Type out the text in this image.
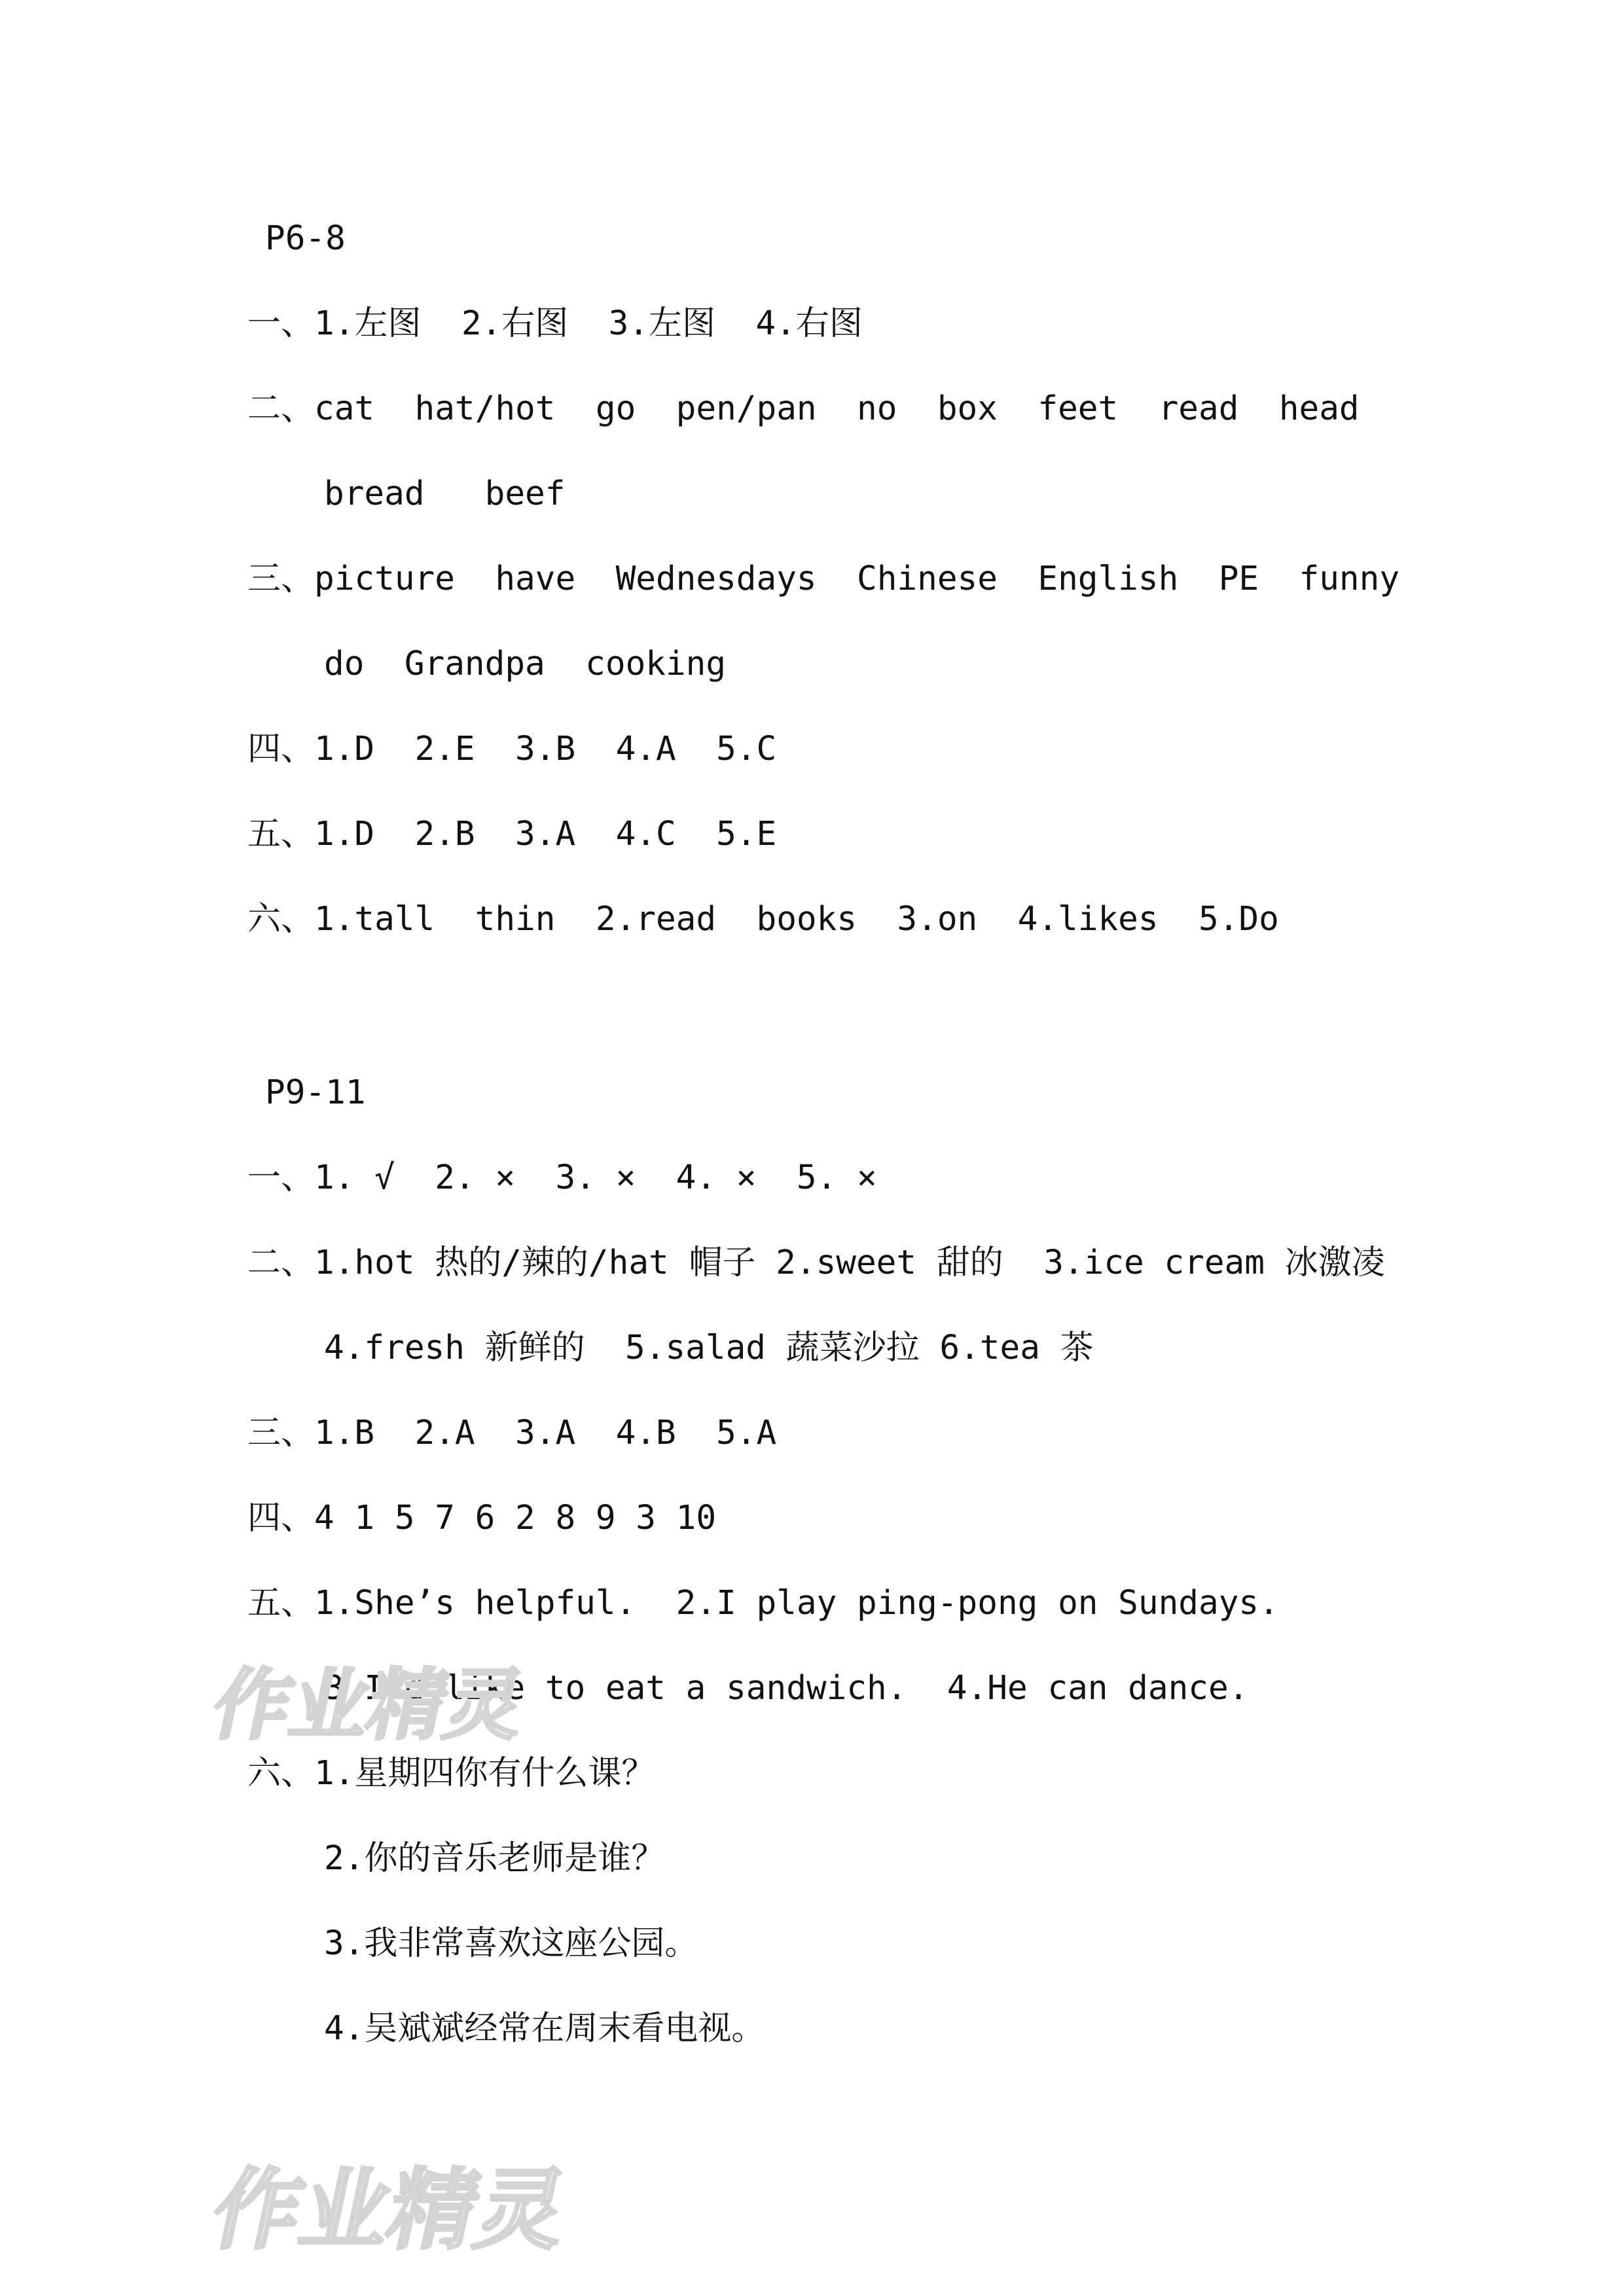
P6-8
一、1.左图  2.右图  3.左图  4.右图
二、cat  hat/hot  go  pen/pan  no  box  feet  read  head
bread   beef
三、picture  have  Wednesdays  Chinese  English  PE  funny
do  Grandpa  cooking
四、1.D  2.E  3.B  4.A  5.C
五、1.D  2.B  3.A  4.C  5.E
六、1.tall  thin  2.read  books  3.on  4.likes  5.Do
P9-11
一、1. √  2. ×  3. ×  4. ×  5. ×
二、1.hot 热的/辣的/hat 帽子 2.sweet 甜的  3.ice cream 冰激凌
4.fresh 新鲜的  5.salad 蔬菜沙拉 6.tea 茶
三、1.B  2.A  3.A  4.B  5.A
四、4 1 5 7 6 2 8 9 3 10
五、1.She’s helpful.  2.I play ping-pong on Sundays.
3.I’d like to eat a sandwich.  4.He can dance.
六、1.星期四你有什么课？
2.你的音乐老师是谁？
3.我非常喜欢这座公园。
4.吴斌斌经常在周末看电视。
作业精灵
作业精灵
